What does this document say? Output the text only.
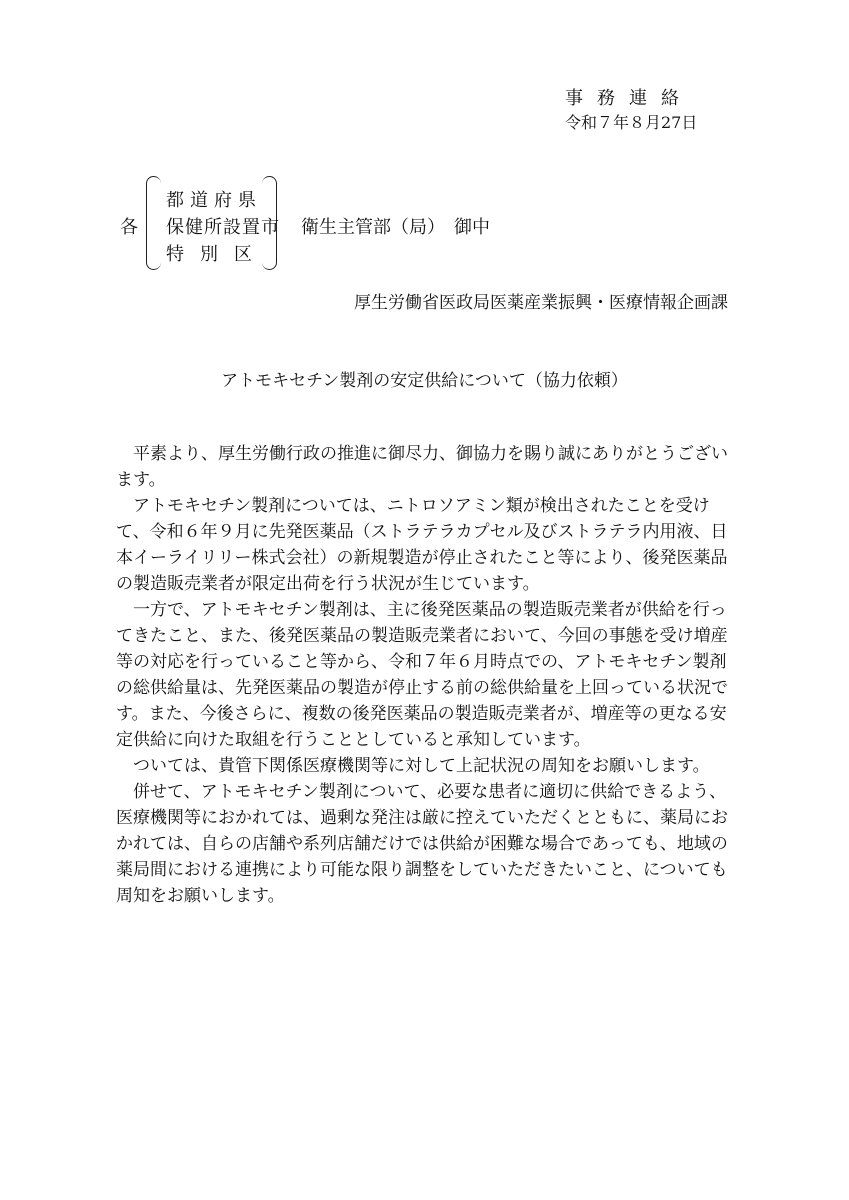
事務連絡
令和７年８月27日
各
都道府県
保健所設置市
特別区
衛生主管部（局）　御中
厚生労働省医政局医薬産業振興・医療情報企画課
アトモキセチン製剤の安定供給について（協力依頼）

平素より、厚生労働行政の推進に御尽力、御協力を賜り誠にありがとうございます。

アトモキセチン製剤については、ニトロソアミン類が検出されたことを受けて、令和６年９月に先発医薬品（ストラテラカプセル及びストラテラ内用液、日本イーライリリー株式会社）の新規製造が停止されたこと等により、後発医薬品の製造販売業者が限定出荷を行う状況が生じています。

一方で、アトモキセチン製剤は、主に後発医薬品の製造販売業者が供給を行ってきたこと、また、後発医薬品の製造販売業者において、今回の事態を受け増産等の対応を行っていること等から、令和７年６月時点での、アトモキセチン製剤の総供給量は、先発医薬品の製造が停止する前の総供給量を上回っている状況です。また、今後さらに、複数の後発医薬品の製造販売業者が、増産等の更なる安定供給に向けた取組を行うこととしていると承知しています。

ついては、貴管下関係医療機関等に対して上記状況の周知をお願いします。

併せて、アトモキセチン製剤について、必要な患者に適切に供給できるよう、医療機関等におかれては、過剰な発注は厳に控えていただくとともに、薬局におかれては、自らの店舗や系列店舗だけでは供給が困難な場合であっても、地域の薬局間における連携により可能な限り調整をしていただきたいこと、についても周知をお願いします。
